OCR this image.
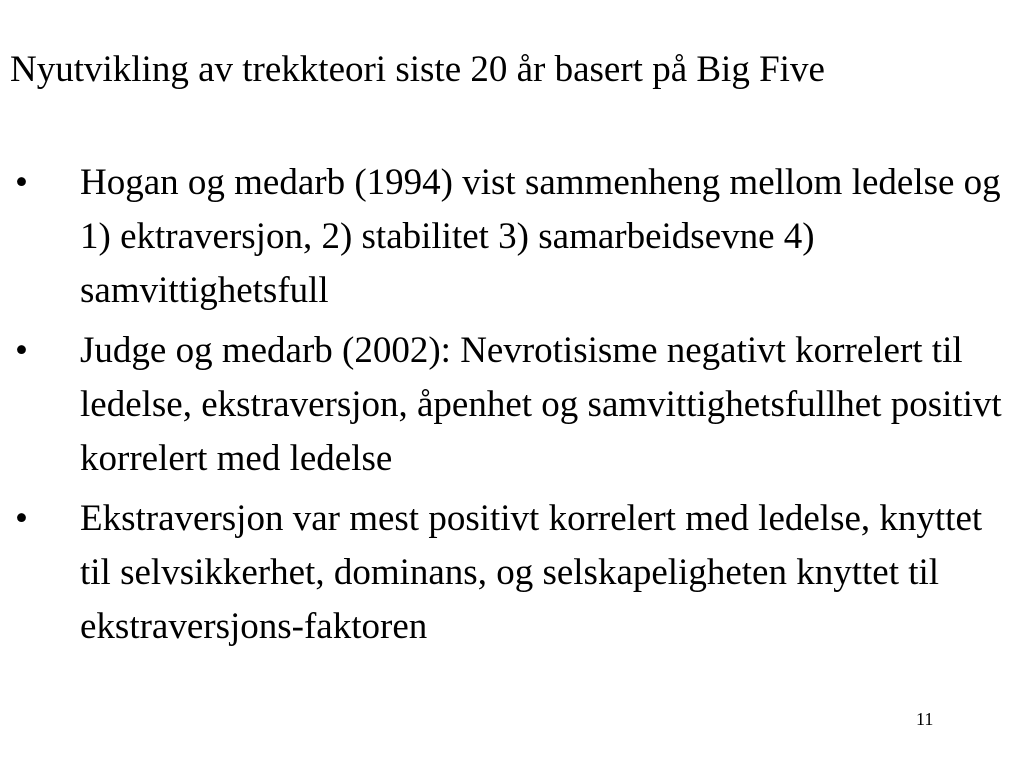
Nyutvikling av trekkteori siste 20 år basert på Big Five
• Hogan og medarb (1994) vist sammenheng mellom ledelse og 1) ektraversjon, 2) stabilitet 3) samarbeidsevne 4) samvittighetsfull
• Judge og medarb (2002): Nevrotisisme negativt korrelert til ledelse, ekstraversjon, åpenhet og samvittighetsfullhet positivt korrelert med ledelse
• Ekstraversjon var mest positivt korrelert med ledelse, knyttet til selvsikkerhet, dominans, og selskapeligheten knyttet til ekstraversjons-faktoren
11
